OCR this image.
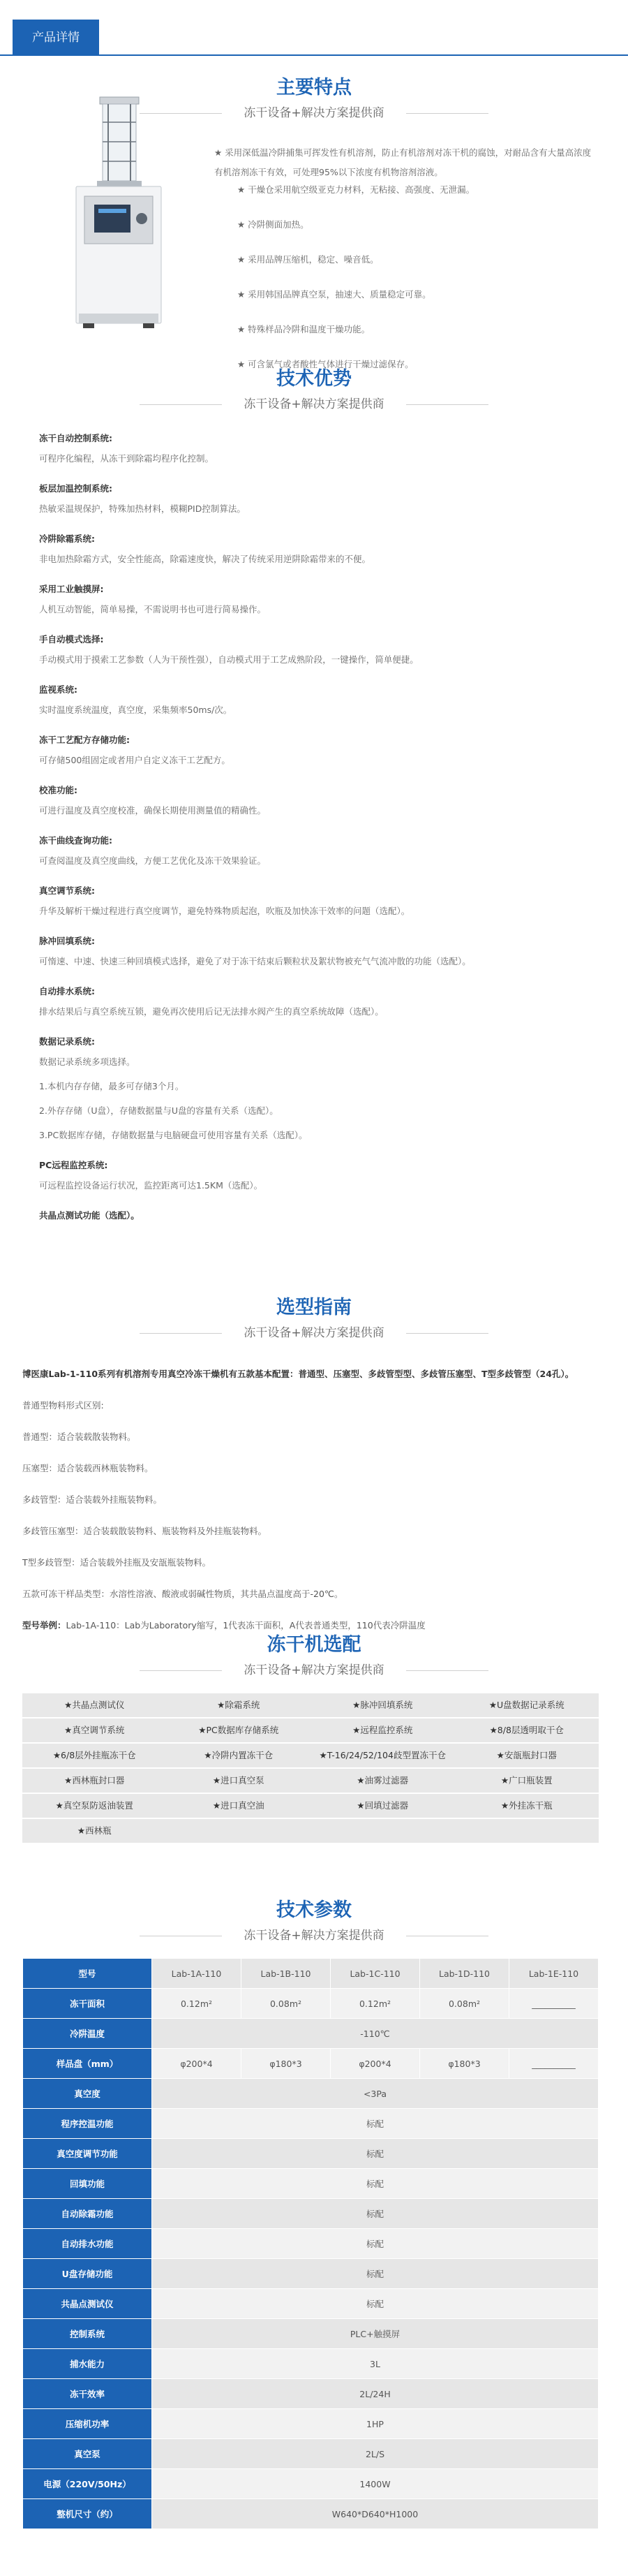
产品详情
主要特点
冻干设备+解决方案提供商
★ 采用深低温冷阱捕集可挥发性有机溶剂，防止有机溶剂对冻干机的腐蚀，对耐品含有大量高浓度有机溶剂冻干有效，可处理95%以下浓度有机物溶剂溶液。
★ 干燥仓采用航空级亚克力材料，无粘接、高强度、无泄漏。
★ 冷阱侧面加热。
★ 采用品牌压缩机，稳定、噪音低。
★ 采用韩国品牌真空泵，抽速大、质量稳定可靠。
★ 特殊样品冷阱和温度干燥功能。
★ 可含氯气或者酸性气体进行干燥过滤保存。
技术优势
冻干设备+解决方案提供商
冻干自动控制系统:
可程序化编程，从冻干到除霜均程序化控制。
板层加温控制系统:
热敏采温规保护，特殊加热材料，模糊PID控制算法。
冷阱除霜系统:
非电加热除霜方式，安全性能高，除霜速度快，解决了传统采用逆阱除霜带来的不便。
采用工业触摸屏:
人机互动智能，简单易操，不需说明书也可进行简易操作。
手自动模式选择:
手动模式用于摸索工艺参数（人为干预性强），自动模式用于工艺成熟阶段，一键操作，简单便捷。
监视系统:
实时温度系统温度，真空度，采集频率50ms/次。
冻干工艺配方存储功能:
可存储500组固定或者用户自定义冻干工艺配方。
校准功能:
可进行温度及真空度校准，确保长期使用测量值的精确性。
冻干曲线查询功能:
可查阅温度及真空度曲线，方便工艺优化及冻干效果验证。
真空调节系统:
升华及解析干燥过程进行真空度调节，避免特殊物质起泡，吹瓶及加快冻干效率的问题（选配）。
脉冲回填系统:
可惰速、中速、快速三种回填模式选择，避免了对于冻干结束后颗粒状及絮状物被充气气流冲散的功能（选配）。
自动排水系统:
排水结果后与真空系统互锁，避免再次使用后记无法排水阀产生的真空系统故障（选配）。
数据记录系统:
数据记录系统多项选择。
1.本机内存存储，最多可存储3个月。
2.外存存储（U盘），存储数据量与U盘的容量有关系（选配）。
3.PC数据库存储，存储数据量与电脑硬盘可使用容量有关系（选配）。
PC远程监控系统:
可远程监控设备运行状况，监控距离可达1.5KM（选配）。
共晶点测试功能（选配）。
选型指南
冻干设备+解决方案提供商
博医康Lab-1-110系列有机溶剂专用真空冷冻干燥机有五款基本配置：普通型、压塞型、多歧管型型、多歧管压塞型、T型多歧管型（24孔）。
普通型物料形式区别:
普通型：适合装载散装物料。
压塞型：适合装载西林瓶装物料。
多歧管型：适合装载外挂瓶装物料。
多歧管压塞型：适合装载散装物料、瓶装物料及外挂瓶装物料。
T型多歧管型：适合装载外挂瓶及安瓿瓶装物料。
五款可冻干样品类型：水溶性溶液、酸液或弱碱性物质，其共晶点温度高于-20℃。
型号举例：Lab-1A-110：Lab为Laboratory缩写，1代表冻干面积，A代表普通类型，110代表冷阱温度
冻干机选配
冻干设备+解决方案提供商
★共晶点测试仪	★除霜系统	★脉冲回填系统	★U盘数据记录系统
★真空调节系统	★PC数据库存储系统	★远程监控系统	★8/8层透明取干仓
★6/8层外挂瓶冻干仓	★冷阱内置冻干仓	★T-16/24/52/104歧型置冻干仓	★安瓿瓶封口器
★西林瓶封口器	★进口真空泵	★油雾过滤器	★广口瓶装置
★真空泵防返油装置	★进口真空油	★回填过滤器	★外挂冻干瓶
★西林瓶
技术参数
冻干设备+解决方案提供商
型号	Lab-1A-110	Lab-1B-110	Lab-1C-110	Lab-1D-110	Lab-1E-110
冻干面积	0.12m²	0.08m²	0.12m²	0.08m²	__________
冷阱温度	-110℃				
样品盘（mm）	φ200*4	φ180*3	φ200*4	φ180*3	__________
真空度	<3Pa				
程序控温功能	标配				
真空度调节功能	标配				
回填功能	标配				
自动除霜功能	标配				
自动排水功能	标配				
U盘存储功能	标配				
共晶点测试仪	标配				
控制系统	PLC+触摸屏				
捕水能力	3L				
冻干效率	2L/24H				
压缩机功率	1HP				
真空泵	2L/S				
电源（220V/50Hz）	1400W				
整机尺寸（约）	W640*D640*H1000				
